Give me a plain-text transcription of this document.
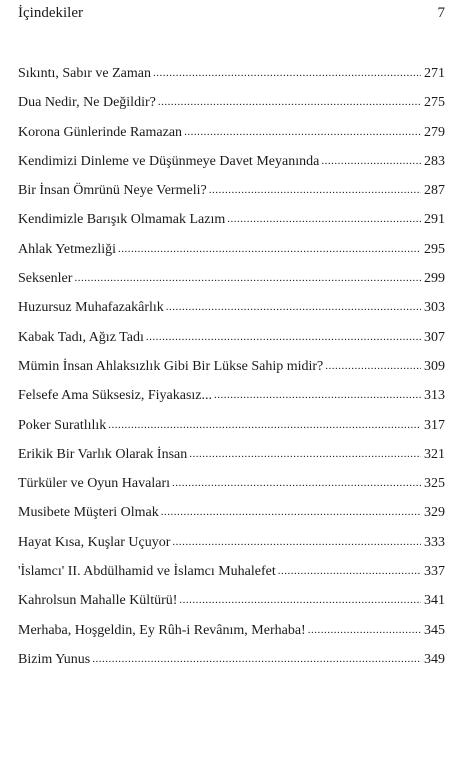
İçindekiler	7
Sıkıntı, Sabır ve Zaman .....	271
Dua Nedir, Ne Değildir? .....	275
Korona Günlerinde Ramazan .....	279
Kendimizi Dinleme ve Düşünmeye Davet Meyanında .....	283
Bir İnsan Ömrünü Neye Vermeli? .....	287
Kendimizle Barışık Olmamak Lazım .....	291
Ahlak Yetmezliği .....	295
Seksenler .....	299
Huzursuz Muhafazakârlık .....	303
Kabak Tadı, Ağız Tadı .....	307
Mümin İnsan Ahlaksızlık Gibi Bir Lükse Sahip midir? .....	309
Felsefe Ama Süksesiz, Fiyakasız... .....	313
Poker Suratlılık .....	317
Erikik Bir Varlık Olarak İnsan .....	321
Türküler ve Oyun Havaları .....	325
Musibete Müşteri Olmak .....	329
Hayat Kısa, Kuşlar Uçuyor .....	333
'İslamcı' II. Abdülhamid ve İslamcı Muhalefet .....	337
Kahrolsun Mahalle Kültürü! .....	341
Merhaba, Hoşgeldin, Ey Rûh-i Revânım, Merhaba! .....	345
Bizim Yunus .....	349
